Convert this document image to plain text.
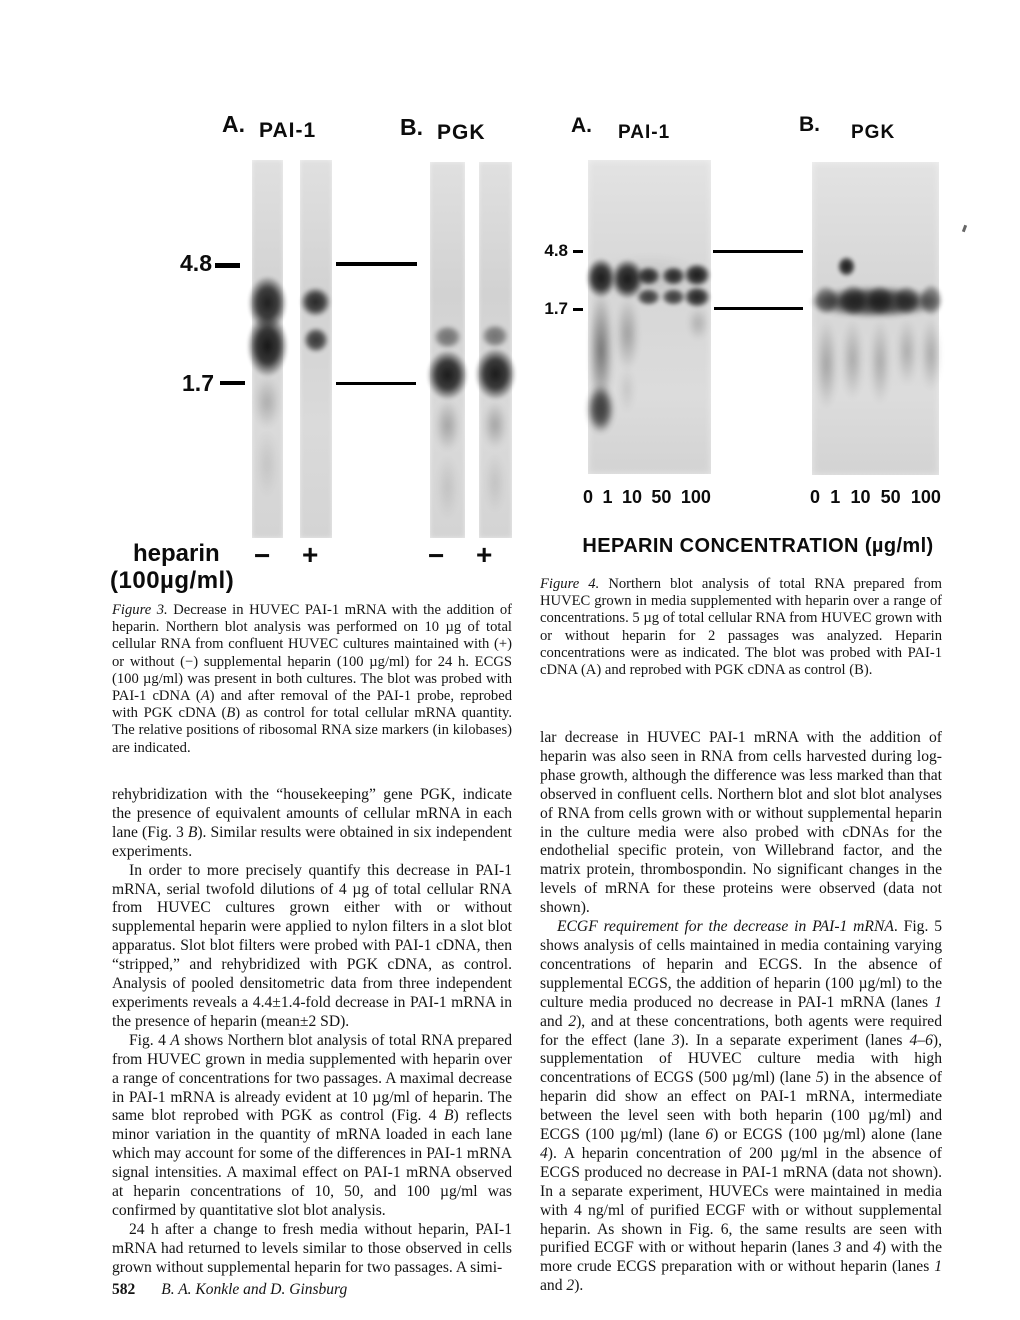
A. PAI-1	B. PGK
4.8
1.7
heparin
(100µg/ml)
− +	− +
A. PAI-1	B. PGK
4.8
1.7
0 1 10 50 100	0 1 10 50 100
HEPARIN CONCENTRATION (µg/ml)
Figure 3. Decrease in HUVEC PAI-1 mRNA with the addition of heparin. Northern blot analysis was performed on 10 µg of total cellular RNA from confluent HUVEC cultures maintained with (+) or without (−) supplemental heparin (100 µg/ml) for 24 h. ECGS (100 µg/ml) was present in both cultures. The blot was probed with PAI-1 cDNA (A) and after removal of the PAI-1 probe, reprobed with PGK cDNA (B) as control for total cellular mRNA quantity. The relative positions of ribosomal RNA size markers (in kilobases) are indicated.
Figure 4. Northern blot analysis of total RNA prepared from HUVEC grown in media supplemented with heparin over a range of concentrations. 5 µg of total cellular RNA from HUVEC grown with or without heparin for 2 passages was analyzed. Heparin concentrations were as indicated. The blot was probed with PAI-1 cDNA (A) and reprobed with PGK cDNA as control (B).

rehybridization with the “housekeeping” gene PGK, indicate the presence of equivalent amounts of cellular mRNA in each lane (Fig. 3 B). Similar results were obtained in six independent experiments.

In order to more precisely quantify this decrease in PAI-1 mRNA, serial twofold dilutions of 4 µg of total cellular RNA from HUVEC cultures grown either with or without supplemental heparin were applied to nylon filters in a slot blot apparatus. Slot blot filters were probed with PAI-1 cDNA, then “stripped,” and rehybridized with PGK cDNA, as control. Analysis of pooled densitometric data from three independent experiments reveals a 4.4±1.4-fold decrease in PAI-1 mRNA in the presence of heparin (mean±2 SD).

Fig. 4 A shows Northern blot analysis of total RNA prepared from HUVEC grown in media supplemented with heparin over a range of concentrations for two passages. A maximal decrease in PAI-1 mRNA is already evident at 10 µg/ml of heparin. The same blot reprobed with PGK as control (Fig. 4 B) reflects minor variation in the quantity of mRNA loaded in each lane which may account for some of the differences in PAI-1 mRNA signal intensities. A maximal effect on PAI-1 mRNA observed at heparin concentrations of 10, 50, and 100 µg/ml was confirmed by quantitative slot blot analysis.

24 h after a change to fresh media without heparin, PAI-1 mRNA had returned to levels similar to those observed in cells grown without supplemental heparin for two passages. A simi-

lar decrease in HUVEC PAI-1 mRNA with the addition of heparin was also seen in RNA from cells harvested during log-phase growth, although the difference was less marked than that observed in confluent cells. Northern blot and slot blot analyses of RNA from cells grown with or without supplemental heparin in the culture media were also probed with cDNAs for the endothelial specific protein, von Willebrand factor, and the matrix protein, thrombospondin. No significant changes in the levels of mRNA for these proteins were observed (data not shown).

ECGF requirement for the decrease in PAI-1 mRNA. Fig. 5 shows analysis of cells maintained in media containing varying concentrations of heparin and ECGS. In the absence of supplemental ECGS, the addition of heparin (100 µg/ml) to the culture media produced no decrease in PAI-1 mRNA (lanes 1 and 2), and at these concentrations, both agents were required for the effect (lane 3). In a separate experiment (lanes 4–6), supplementation of HUVEC culture media with high concentrations of ECGS (500 µg/ml) (lane 5) in the absence of heparin did show an effect on PAI-1 mRNA, intermediate between the level seen with both heparin (100 µg/ml) and ECGS (100 µg/ml) (lane 6) or ECGS (100 µg/ml) alone (lane 4). A heparin concentration of 200 µg/ml in the absence of ECGS produced no decrease in PAI-1 mRNA (data not shown). In a separate experiment, HUVECs were maintained in media with 4 ng/ml of purified ECGF with or without supplemental heparin. As shown in Fig. 6, the same results are seen with purified ECGF with or without heparin (lanes 3 and 4) with the more crude ECGS preparation with or without heparin (lanes 1 and 2).

582 B. A. Konkle and D. Ginsburg
